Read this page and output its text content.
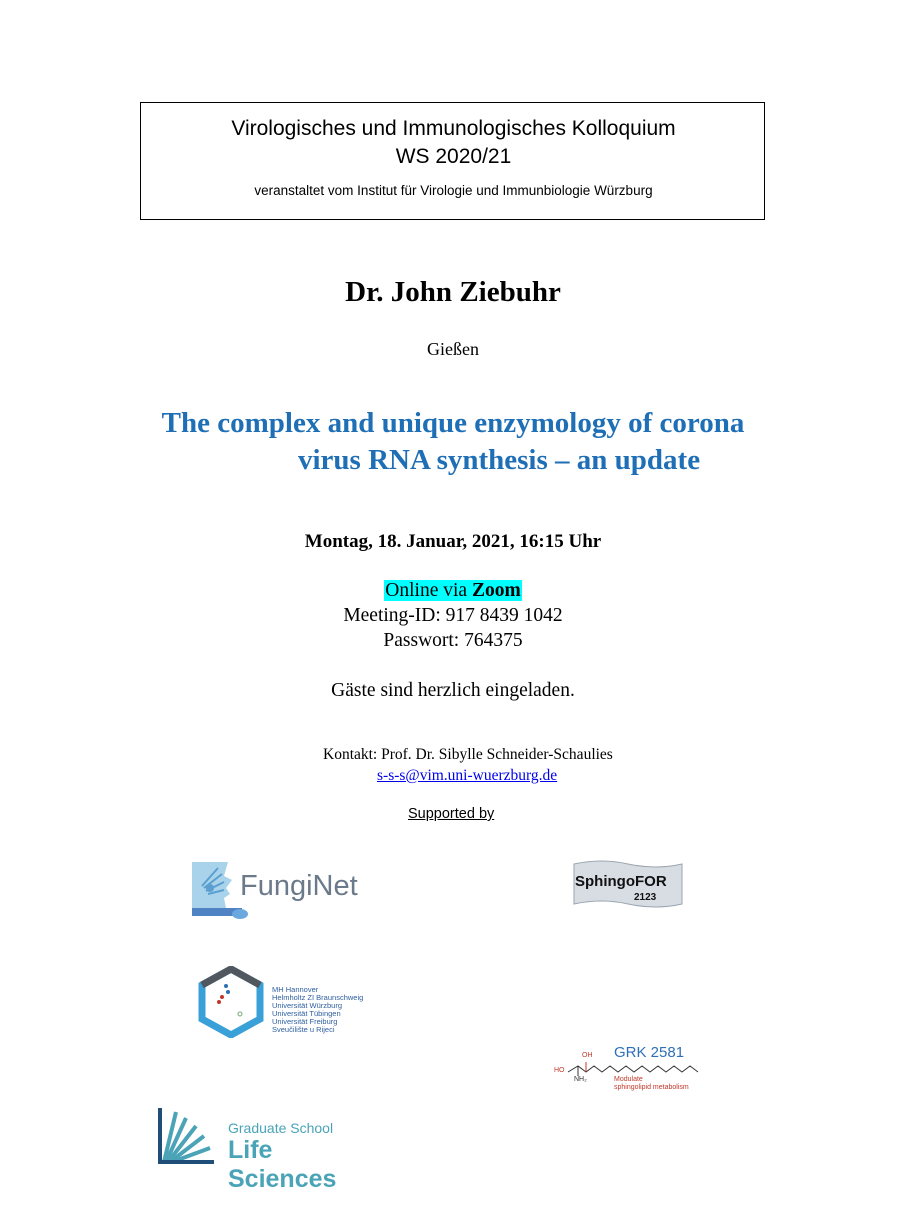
Virologisches und Immunologisches Kolloquium
WS 2020/21
veranstaltet vom Institut für Virologie und Immunbiologie Würzburg
Dr. John Ziebuhr
Gießen
The complex and unique enzymology of corona
virus RNA synthesis – an update
Montag, 18. Januar, 2021, 16:15 Uhr
Online via Zoom
Meeting-ID: 917 8439 1042
Passwort: 764375
Gäste sind herzlich eingeladen.
Kontakt: Prof. Dr. Sibylle Schneider-Schaulies
s-s-s@vim.uni-wuerzburg.de
Supported by
FungiNet	SphingoFOR
2123
MH Hannover
Helmholtz ZI Braunschweig
Universität Würzburg
Universität Tübingen
Universität Freiburg
Sveučilište u Rijeci
OH
HO
NH₂
GRK 2581
Modulate
sphingolipid metabolism
Graduate School
Life Sciences
